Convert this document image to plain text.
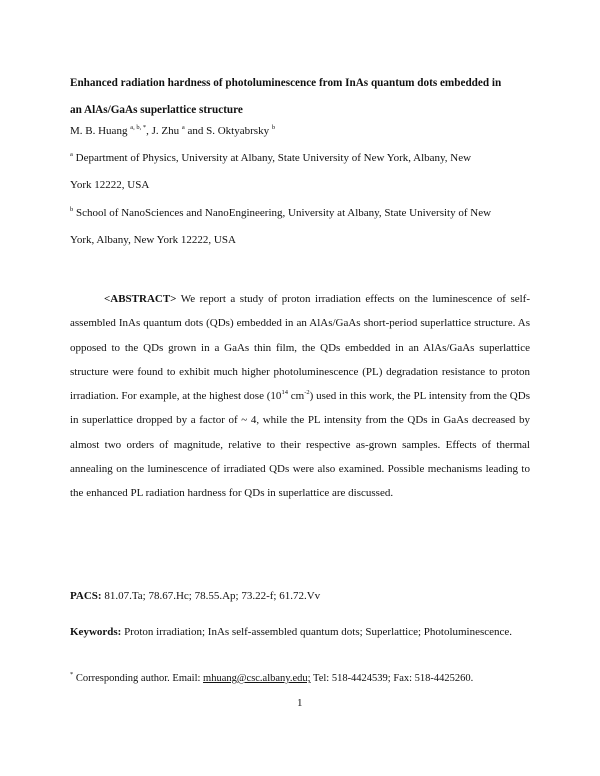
Enhanced radiation hardness of photoluminescence from InAs quantum dots embedded in
an AlAs/GaAs superlattice structure
M. B. Huang $^{a, b, *}$, J. Zhu $^a$ and S. Oktyabrsky $^b$
$^a$ Department of Physics, University at Albany, State University of New York, Albany, New
York 12222, USA
$^b$ School of NanoSciences and NanoEngineering, University at Albany, State University of New
York, Albany, New York 12222, USA
<ABSTRACT> We report a study of proton irradiation effects on the luminescence of self-assembled InAs quantum dots (QDs) embedded in an AlAs/GaAs short-period superlattice structure. As opposed to the QDs grown in a GaAs thin film, the QDs embedded in an AlAs/GaAs superlattice structure were found to exhibit much higher photoluminescence (PL) degradation resistance to proton irradiation. For example, at the highest dose ($10^{14}$ $cm^{-2}$) used in this work, the PL intensity from the QDs in superlattice dropped by a factor of ~ 4, while the PL intensity from the QDs in GaAs decreased by almost two orders of magnitude, relative to their respective as-grown samples. Effects of thermal annealing on the luminescence of irradiated QDs were also examined. Possible mechanisms leading to the enhanced PL radiation hardness for QDs in superlattice are discussed.
PACS: 81.07.Ta; 78.67.Hc; 78.55.Ap; 73.22-f; 61.72.Vv
Keywords: Proton irradiation; InAs self-assembled quantum dots; Superlattice; Photoluminescence.
* Corresponding author. Email: mhuang@csc.albany.edu; Tel: 518-4424539; Fax: 518-4425260.
1
